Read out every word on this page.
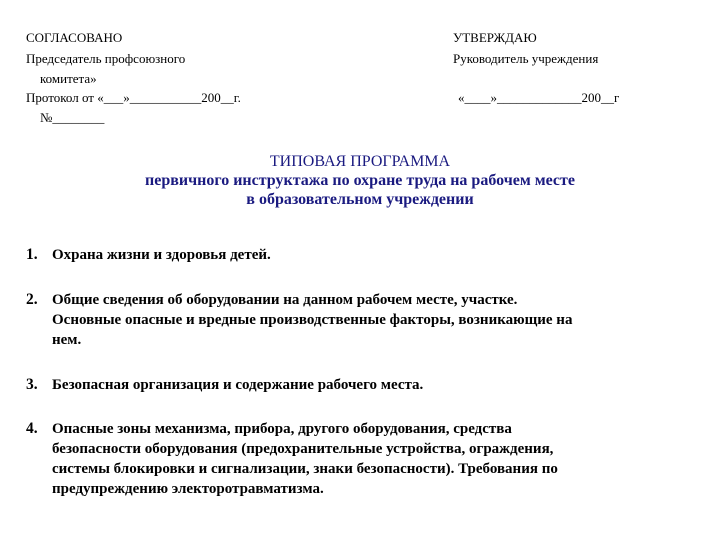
СОГЛАСОВАНО
Председатель профсоюзного
комитета»
Протокол от «___»___________200__г.
№________
УТВЕРЖДАЮ
Руководитель учреждения
«____»_____________200__г
ТИПОВАЯ ПРОГРАММА
первичного инструктажа по охране труда на рабочем месте
в образовательном учреждении
1. Охрана жизни и здоровья детей.
2. Общие сведения об оборудовании на данном рабочем месте, участке.
Основные опасные и вредные производственные факторы, возникающие на
нем.
3. Безопасная организация и содержание рабочего места.
4. Опасные зоны механизма, прибора, другого оборудования, средства
безопасности оборудования (предохранительные устройства, ограждения,
системы блокировки и сигнализации, знаки безопасности). Требования по
предупреждению электоротравматизма.
